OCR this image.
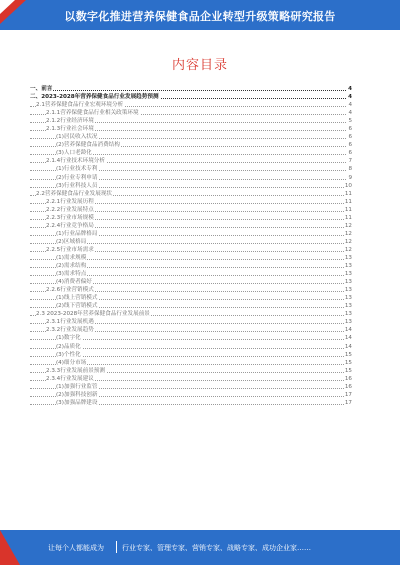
以数字化推进营养保健食品企业转型升级策略研究报告
内容目录
一、前言	4
二、2023-2028年营养保健食品行业发展趋势预测	4
2.1营养保健食品行业宏观环境分析	4
2.1.1营养保健食品行业相关政策环境	4
2.1.2行业经济环境	5
2.1.3行业社会环境	6
(1)居民收入状况	6
(2)营养保健食品消费结构	6
(3)人口老龄化	6
2.1.4行业技术环境分析	7
(1)行业技术专利	8
(2)行业专利申请	9
(3)行业科技人员	10
2.2营养保健食品行业发展现状	11
2.2.1行业发展历程	11
2.2.2行业发展特点	11
2.2.3行业市场规模	11
2.2.4行业竞争格局	12
(1)行业品牌格局	12
(2)区域格局	12
2.2.5行业市场需求	12
(1)需求规模	13
(2)需求结构	13
(3)需求特点	13
(4)消费者偏好	13
2.2.6行业营销模式	13
(1)线上营销模式	13
(2)线下营销模式	13
2.3 2023-2028年营养保健食品行业发展前景	13
2.3.1行业发展机遇	13
2.3.2行业发展趋势	14
(1)数字化	14
(2)品质化	14
(3)个性化	15
(4)细分市场	15
2.3.3行业发展前景预测	15
2.3.4行业发展建议	16
(1)加强行业监管	16
(2)加强科技创新	17
(3)加强品牌建设	17
让每个人都能成为	行业专家、管理专家、营销专家、战略专家、成功企业家……
